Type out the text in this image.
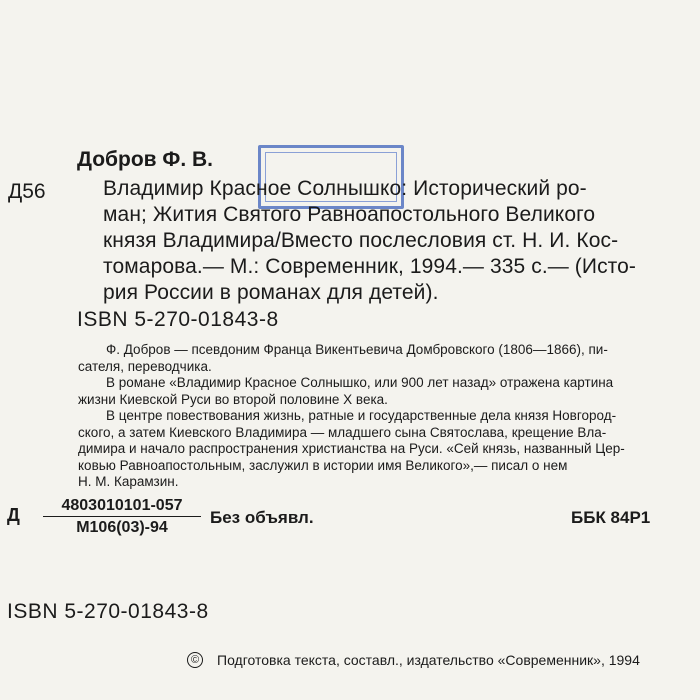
Добров Ф. В.
Д56	Владимир Красное Солнышко: Исторический ро-
ман; Жития Святого Равноапостольного Великого
князя Владимира/Вместо послесловия ст. Н. И. Кос-
томарова.— М.: Современник, 1994.— 335 с.— (Исто-
рия России в романах для детей).
ISBN 5-270-01843-8

Ф. Добров — псевдоним Франца Викентьевича Домбровского (1806—1866), пи-

сателя, переводчика.

В романе «Владимир Красное Солнышко, или 900 лет назад» отражена картина

жизни Киевской Руси во второй половине X века.

В центре повествования жизнь, ратные и государственные дела князя Новгород-

ского, а затем Киевского Владимира — младшего сына Святослава, крещение Вла-

димира и начало распространения христианства на Руси. «Сей князь, названный Цер-

ковью Равноапостольным, заслужил в истории имя Великого»,— писал о нем

Н. М. Карамзин.

Д	4803010101-057
М106(03)-94
Без объявл.	ББК 84Р1
ISBN 5-270-01843-8
© Подготовка текста, составл., издательство «Современник», 1994
